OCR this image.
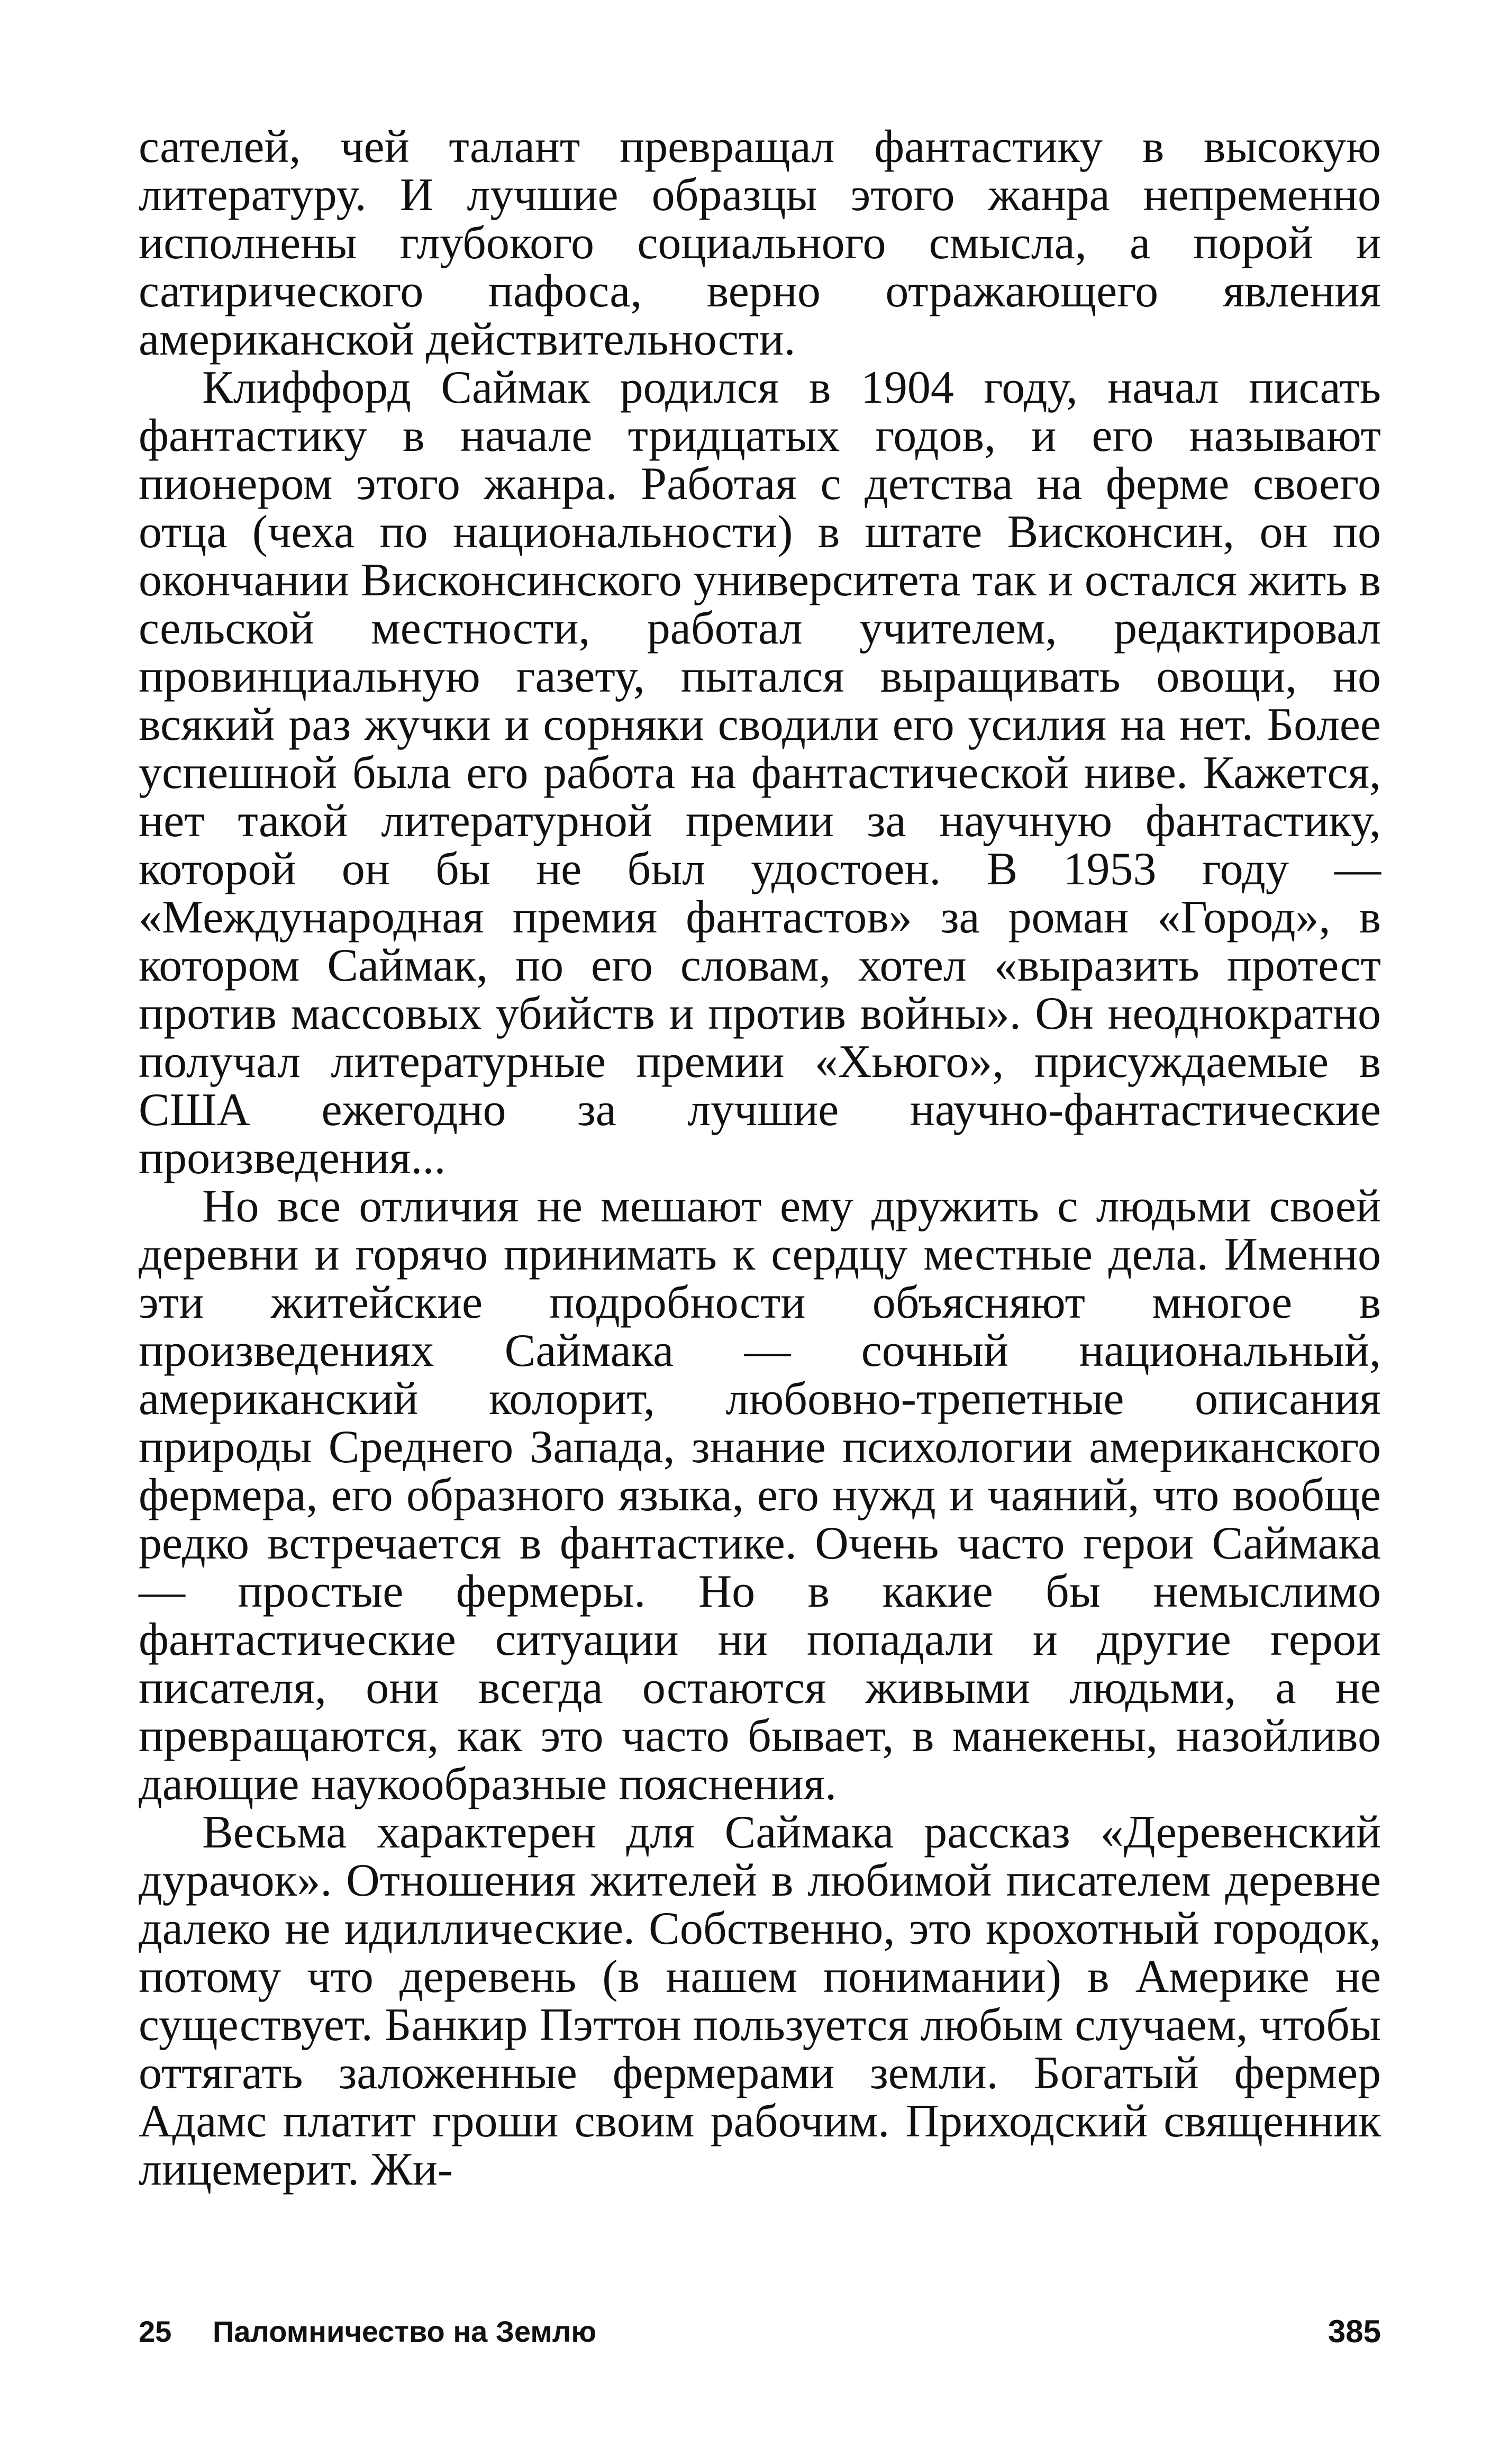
сателей, чей талант превращал фантастику в высокую литературу. И лучшие образцы этого жанра непременно исполнены глубокого социального смысла, а порой и сатирического пафоса, верно отражающего явления американской действительности.

Клиффорд Саймак родился в 1904 году, начал писать фантастику в начале тридцатых годов, и его называют пионером этого жанра. Работая с детства на ферме своего отца (чеха по национальности) в штате Висконсин, он по окончании Висконсинского университета так и остался жить в сельской местности, работал учителем, редактировал провинциальную газету, пытался выращивать овощи, но всякий раз жучки и сорняки сводили его усилия на нет. Более успешной была его работа на фантастической ниве. Кажется, нет такой литературной премии за научную фантастику, которой он бы не был удостоен. В 1953 году — «Международная премия фантастов» за роман «Город», в котором Саймак, по его словам, хотел «выразить протест против массовых убийств и против войны». Он неоднократно получал литературные премии «Хьюго», присуждаемые в США ежегодно за лучшие научно-фантастические произведения...

Но все отличия не мешают ему дружить с людьми своей деревни и горячо принимать к сердцу местные дела. Именно эти житейские подробности объясняют многое в произведениях Саймака — сочный национальный, американский колорит, любовно-трепетные описания природы Среднего Запада, знание психологии американского фермера, его образного языка, его нужд и чаяний, что вообще редко встречается в фантастике. Очень часто герои Саймака — простые фермеры. Но в какие бы немыслимо фантастические ситуации ни попадали и другие герои писателя, они всегда остаются живыми людьми, а не превращаются, как это часто бывает, в манекены, назойливо дающие наукообразные пояснения.

Весьма характерен для Саймака рассказ «Деревенский дурачок». Отношения жителей в любимой писателем деревне далеко не идиллические. Собственно, это крохотный городок, потому что деревень (в нашем понимании) в Америке не существует. Банкир Пэттон пользуется любым случаем, чтобы оттягать заложенные фермерами земли. Богатый фермер Адамс платит гроши своим рабочим. Приходский священник лицемерит. Жи-

25 Паломничество на Землю	385
